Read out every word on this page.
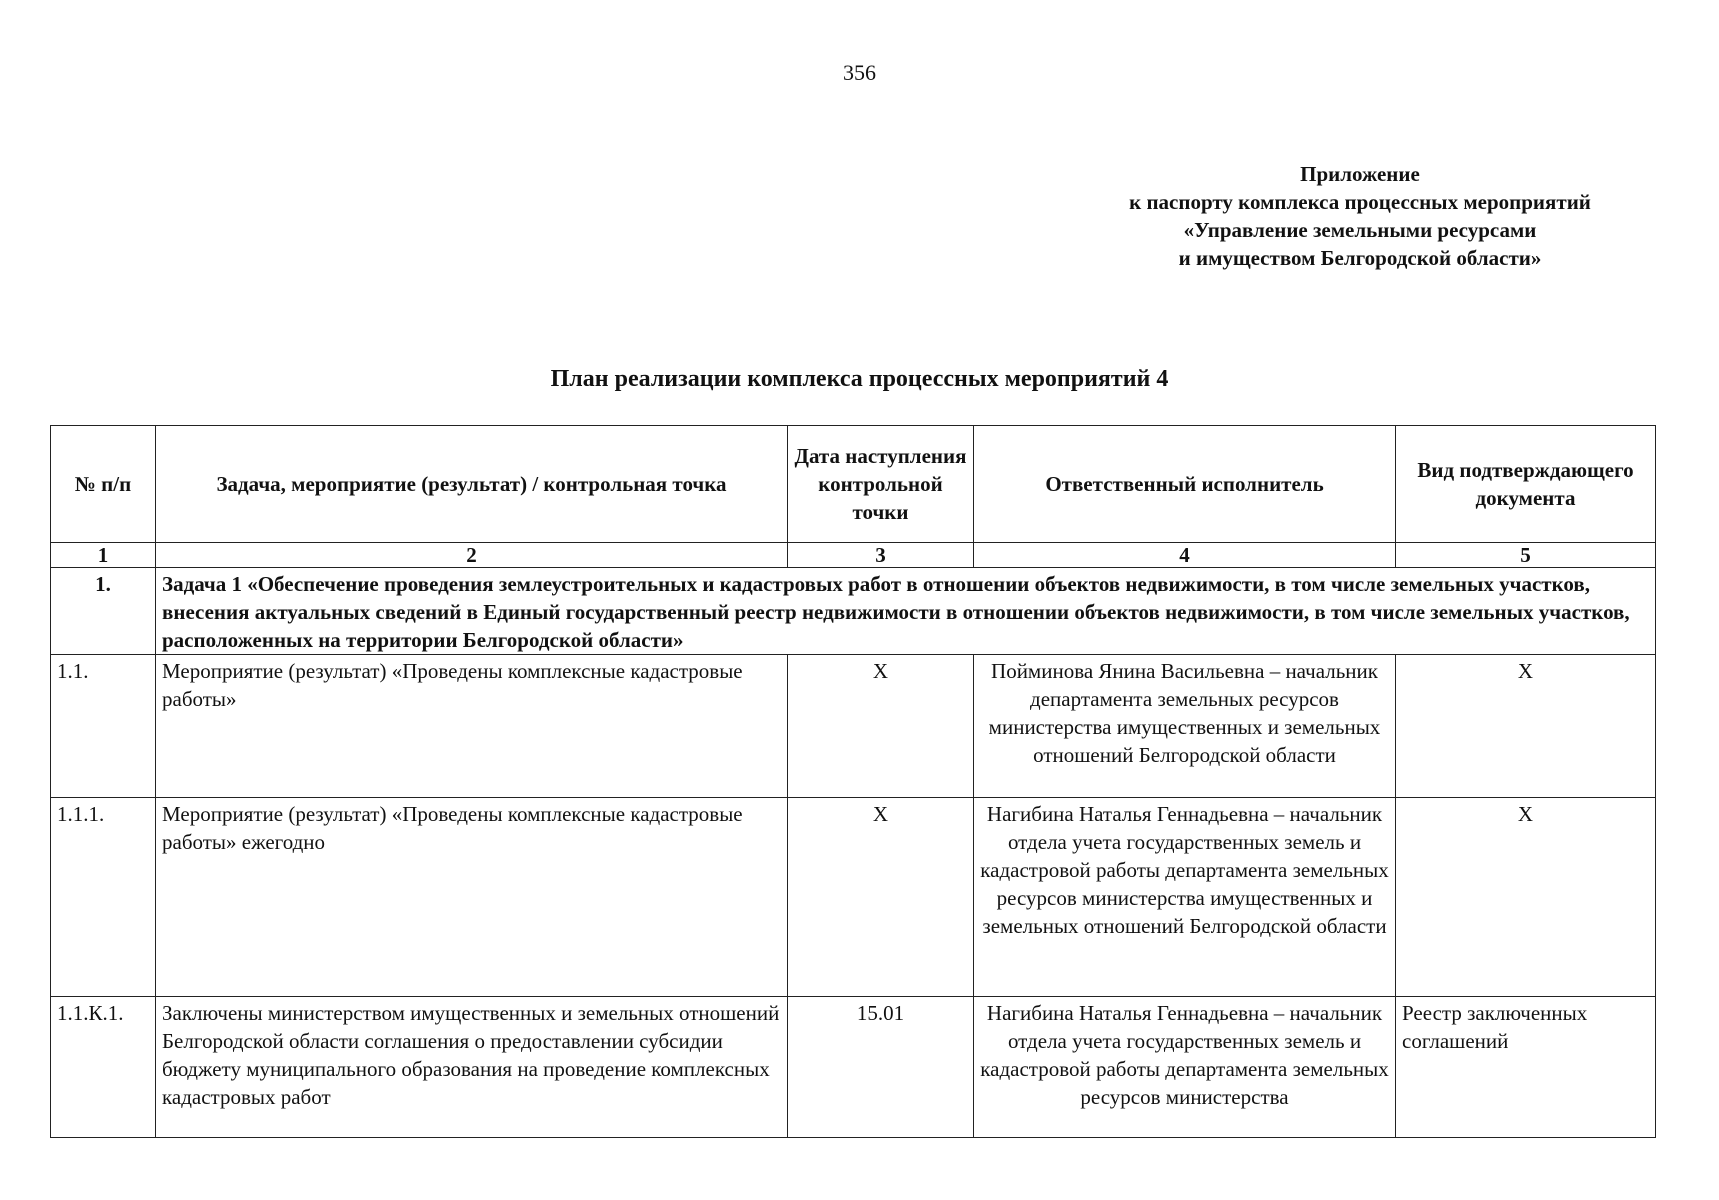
356
Приложение
к паспорту комплекса процессных мероприятий
«Управление земельными ресурсами
и имуществом Белгородской области»
План реализации комплекса процессных мероприятий 4
№ п/п	Задача, мероприятие (результат) / контрольная точка	Дата наступления контрольной точки	Ответственный исполнитель	Вид подтверждающего документа
1	2	3	4	5
1.	Задача 1 «Обеспечение проведения землеустроительных и кадастровых работ в отношении объектов недвижимости, в том числе земельных участков, внесения актуальных сведений в Единый государственный реестр недвижимости в отношении объектов недвижимости, в том числе земельных участков, расположенных на территории Белгородской области»			
1.1.	Мероприятие (результат) «Проведены комплексные кадастровые работы»	X	Пойминова Янина Васильевна – начальник департамента земельных ресурсов министерства имущественных и земельных отношений Белгородской области	X
1.1.1.	Мероприятие (результат) «Проведены комплексные кадастровые работы» ежегодно	X	Нагибина Наталья Геннадьевна – начальник отдела учета государственных земель и кадастровой работы департамента земельных ресурсов министерства имущественных и земельных отношений Белгородской области	X
1.1.К.1.	Заключены министерством имущественных и земельных отношений Белгородской области соглашения о предоставлении субсидии бюджету муниципального образования на проведение комплексных кадастровых работ	15.01	Нагибина Наталья Геннадьевна – начальник отдела учета государственных земель и кадастровой работы департамента земельных ресурсов министерства	Реестр заключенных соглашений
